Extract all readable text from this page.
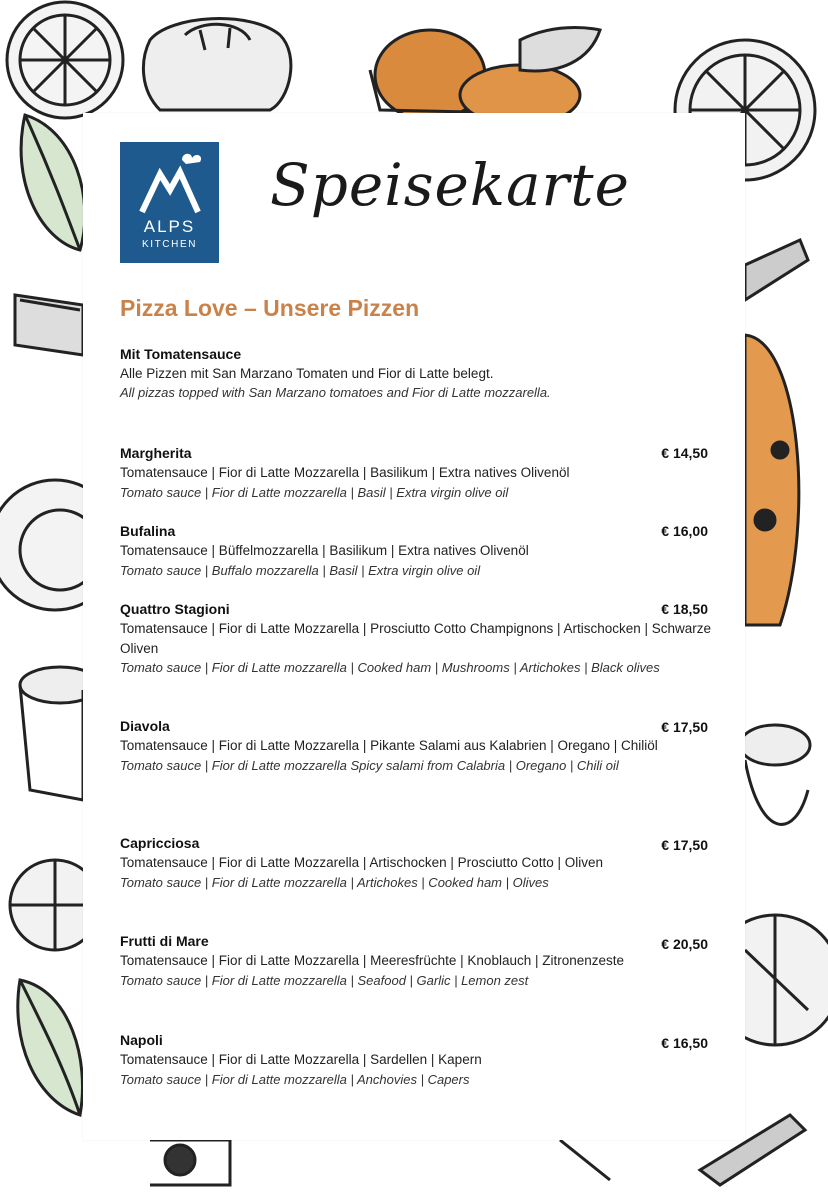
ALPS
KITCHEN
Speisekarte
Pizza Love – Unsere Pizzen
Mit Tomatensauce
Alle Pizzen mit San Marzano Tomaten und Fior di Latte belegt.
All pizzas topped with San Marzano tomatoes and Fior di Latte mozzarella.
Margherita
Tomatensauce | Fior di Latte Mozzarella | Basilikum | Extra natives Olivenöl
Tomato sauce | Fior di Latte mozzarella | Basil | Extra virgin olive oil
€ 14,50
Bufalina
Tomatensauce | Büffelmozzarella | Basilikum | Extra natives Olivenöl
Tomato sauce | Buffalo mozzarella | Basil | Extra virgin olive oil
€ 16,00
Quattro Stagioni
Tomatensauce | Fior di Latte Mozzarella | Prosciutto Cotto Champignons | Artischocken | Schwarze Oliven
Tomato sauce | Fior di Latte mozzarella | Cooked ham | Mushrooms | Artichokes | Black olives
€ 18,50
Diavola
Tomatensauce | Fior di Latte Mozzarella | Pikante Salami aus Kalabrien | Oregano | Chiliöl
Tomato sauce | Fior di Latte mozzarella Spicy salami from Calabria | Oregano | Chili oil
€ 17,50
Capricciosa
Tomatensauce | Fior di Latte Mozzarella | Artischocken | Prosciutto Cotto | Oliven
Tomato sauce | Fior di Latte mozzarella | Artichokes | Cooked ham | Olives
€ 17,50
Frutti di Mare
Tomatensauce | Fior di Latte Mozzarella | Meeresfrüchte | Knoblauch | Zitronenzeste
Tomato sauce | Fior di Latte mozzarella | Seafood | Garlic | Lemon zest
€ 20,50
Napoli
Tomatensauce | Fior di Latte Mozzarella | Sardellen | Kapern
Tomato sauce | Fior di Latte mozzarella | Anchovies | Capers
€ 16,50
